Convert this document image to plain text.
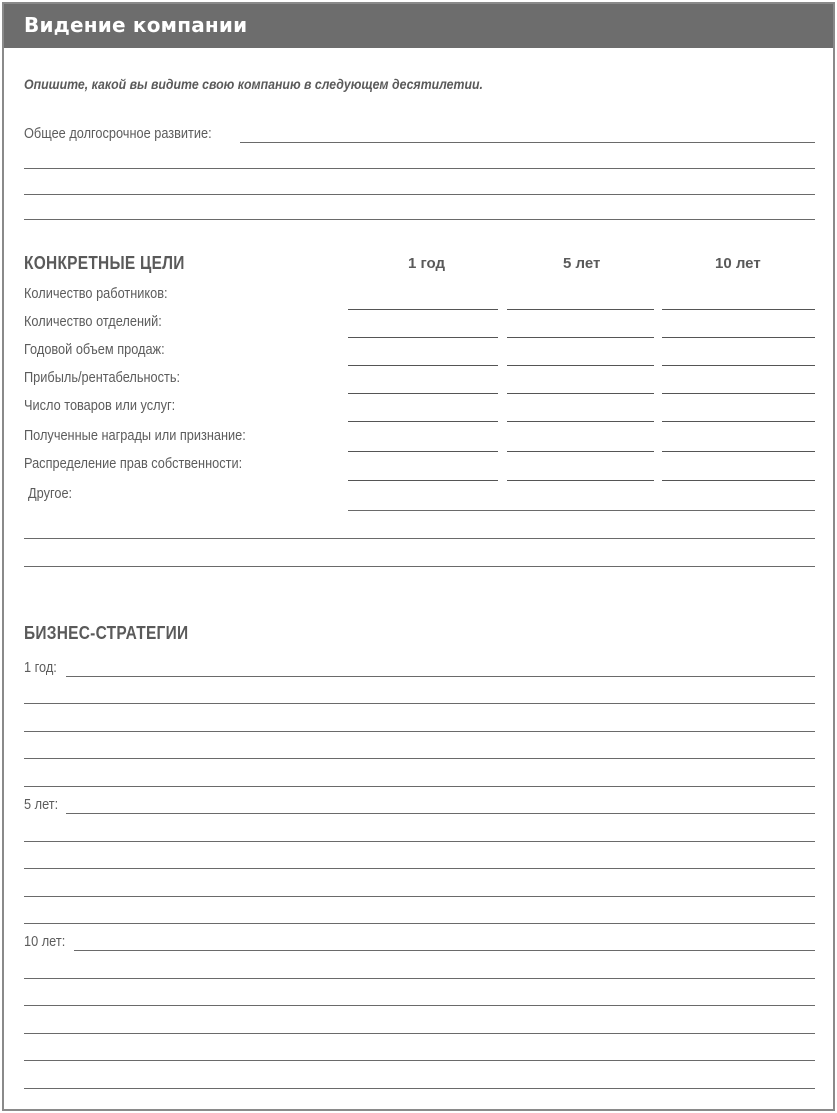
Видение компании
Опишите, какой вы видите свою компанию в следующем десятилетии.
Общее долгосрочное развитие:
КОНКРЕТНЫЕ ЦЕЛИ	1 год	5 лет	10 лет
Количество работников:
Количество отделений:
Годовой объем продаж:
Прибыль/рентабельность:
Число товаров или услуг:
Полученные награды или признание:
Распределение прав собственности:
Другое:
БИЗНЕС-СТРАТЕГИИ
1 год:
5 лет:
10 лет:
